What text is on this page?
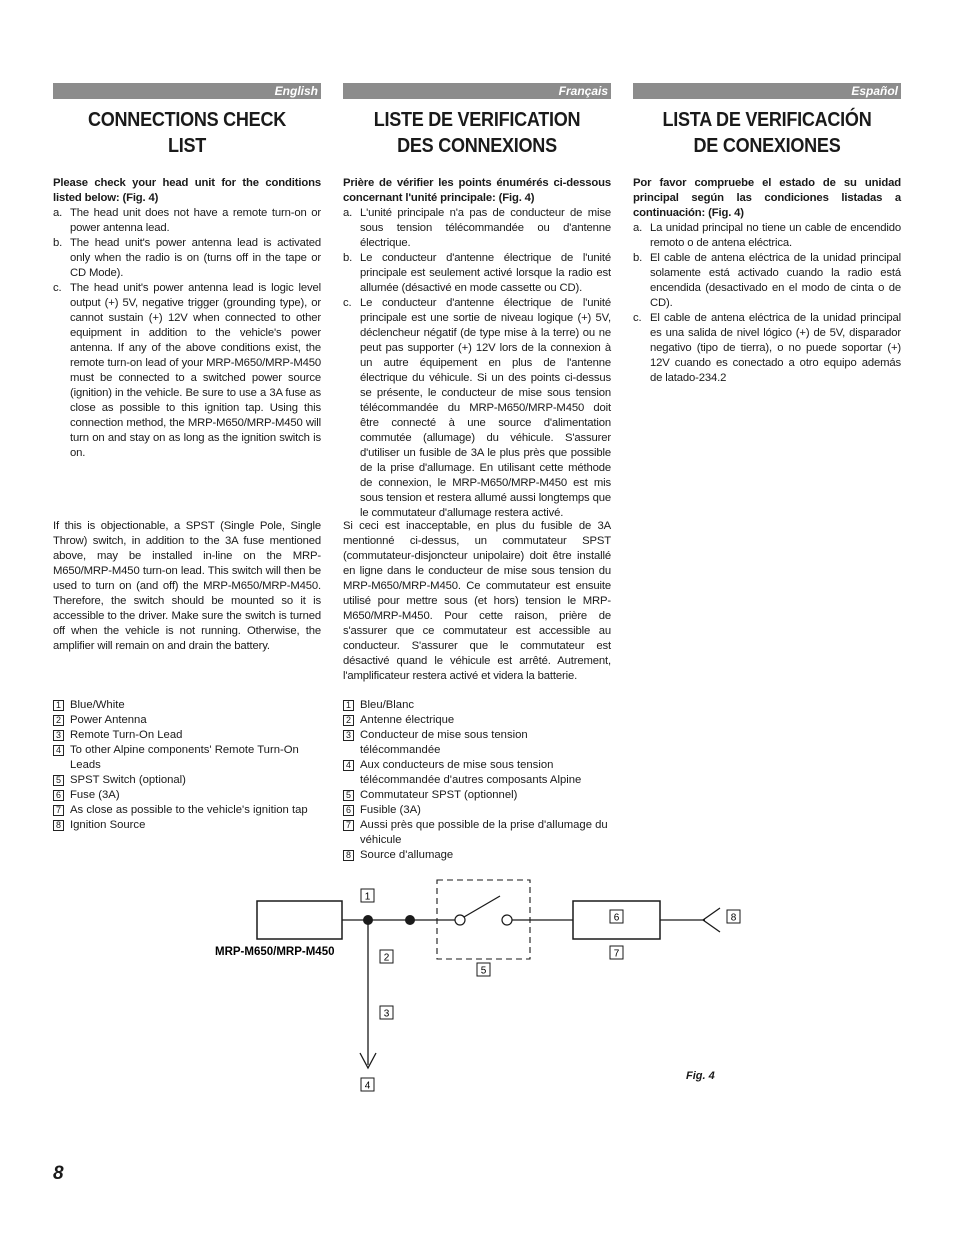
English
CONNECTIONS CHECK LIST

Please check your head unit for the conditions listed below: (Fig. 4)

a. The head unit does not have a remote turn-on or power antenna lead.
b. The head unit's power antenna lead is activated only when the radio is on (turns off in the tape or CD Mode).
c. The head unit's power antenna lead is logic level output (+) 5V, negative trigger (grounding type), or cannot sustain (+) 12V when connected to other equipment in addition to the vehicle's power antenna. If any of the above conditions exist, the remote turn-on lead of your MRP-M650/MRP-M450 must be connected to a switched power source (ignition) in the vehicle. Be sure to use a 3A fuse as close as possible to this ignition tap. Using this connection method, the MRP-M650/MRP-M450 will turn on and stay on as long as the ignition switch is on.

If this is objectionable, a SPST (Single Pole, Single Throw) switch, in addition to the 3A fuse mentioned above, may be installed in-line on the MRP-M650/MRP-M450 turn-on lead. This switch will then be used to turn on (and off) the MRP-M650/MRP-M450. Therefore, the switch should be mounted so it is accessible to the driver. Make sure the switch is turned off when the vehicle is not running. Otherwise, the amplifier will remain on and drain the battery.

1 Blue/White
2 Power Antenna
3 Remote Turn-On Lead
4 To other Alpine components' Remote Turn-On Leads
5 SPST Switch (optional)
6 Fuse (3A)
7 As close as possible to the vehicle's ignition tap
8 Ignition Source
Français
LISTE DE VERIFICATION DES CONNEXIONS

Prière de vérifier les points énumérés ci-dessous concernant l'unité principale: (Fig. 4)

a. L'unité principale n'a pas de conducteur de mise sous tension télécommandée ou d'antenne électrique.
b. Le conducteur d'antenne électrique de l'unité principale est seulement activé lorsque la radio est allumée (désactivé en mode cassette ou CD).
c. Le conducteur d'antenne électrique de l'unité principale est une sortie de niveau logique (+) 5V, déclencheur négatif (de type mise à la terre) ou ne peut pas supporter (+) 12V lors de la connexion à un autre équipement en plus de l'antenne électrique du véhicule. Si un des points ci-dessus se présente, le conducteur de mise sous tension télécommandée du MRP-M650/MRP-M450 doit être connecté à une source d'alimentation commutée (allumage) du véhicule. S'assurer d'utiliser un fusible de 3A le plus près que possible de la prise d'allumage. En utilisant cette méthode de connexion, le MRP-M650/MRP-M450 est mis sous tension et restera allumé aussi longtemps que le commutateur d'allumage restera activé.

Si ceci est inacceptable, en plus du fusible de 3A mentionné ci-dessus, un commutateur SPST (commutateur-disjoncteur unipolaire) doit être installé en ligne dans le conducteur de mise sous tension du MRP-M650/MRP-M450. Ce commutateur est ensuite utilisé pour mettre sous (et hors) tension le MRP-M650/MRP-M450. Pour cette raison, prière de s'assurer que ce commutateur est accessible au conducteur. S'assurer que le commutateur est désactivé quand le véhicule est arrêté. Autrement, l'amplificateur restera activé et videra la batterie.

1 Bleu/Blanc
2 Antenne électrique
3 Conducteur de mise sous tension télécommandée
4 Aux conducteurs de mise sous tension télécommandée d'autres composants Alpine
5 Commutateur SPST (optionnel)
6 Fusible (3A)
7 Aussi près que possible de la prise d'allumage du véhicule
8 Source d'allumage
Español
LISTA DE VERIFICACIÓN DE CONEXIONES

Por favor compruebe el estado de su unidad principal según las condiciones listadas a continuación: (Fig. 4)

a. La unidad principal no tiene un cable de encendido remoto o de antena eléctrica.
b. El cable de antena eléctrica de la unidad principal solamente está activado cuando la radio está encendida (desactivado en el modo de cinta o de CD).
c. El cable de antena eléctrica de la unidad principal es una salida de nivel lógico (+) de 5V, disparador negativo (tipo de tierra), o no puede soportar (+) 12V cuando es conectado a otro equipo además de latado-234.2
MRP-M650/MRP-M450
1
2
3
4
5
6
7
8
Fig. 4
8
